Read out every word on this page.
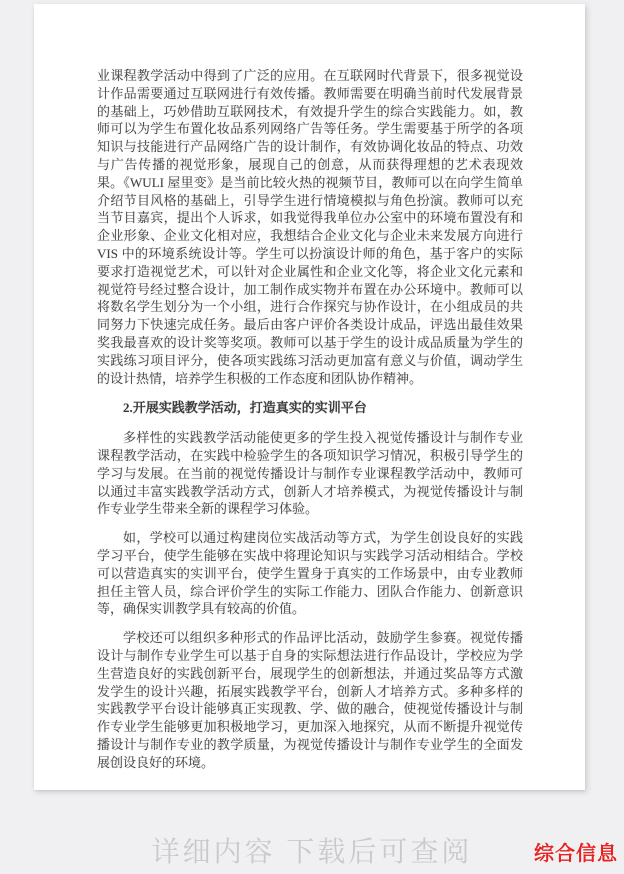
业课程教学活动中得到了广泛的应用。在互联网时代背景下，很多视觉设计作品需要通过互联网进行有效传播。教师需要在明确当前时代发展背景的基础上，巧妙借助互联网技术，有效提升学生的综合实践能力。如，教师可以为学生布置化妆品系列网络广告等任务。学生需要基于所学的各项知识与技能进行产品网络广告的设计制作，有效协调化妆品的特点、功效与广告传播的视觉形象，展现自己的创意，从而获得理想的艺术表现效果。《WULI 屋里变》是当前比较火热的视频节目，教师可以在向学生简单介绍节目风格的基础上，引导学生进行情境模拟与角色扮演。教师可以充当节目嘉宾，提出个人诉求，如我觉得我单位办公室中的环境布置没有和企业形象、企业文化相对应，我想结合企业文化与企业未来发展方向进行 VIS 中的环境系统设计等。学生可以扮演设计师的角色，基于客户的实际要求打造视觉艺术，可以针对企业属性和企业文化等，将企业文化元素和视觉符号经过整合设计，加工制作成实物并布置在办公环境中。教师可以将数名学生划分为一个小组，进行合作探究与协作设计，在小组成员的共同努力下快速完成任务。最后由客户评价各类设计成品，评选出最佳效果奖我最喜欢的设计奖等奖项。教师可以基于学生的设计成品质量为学生的实践练习项目评分，使各项实践练习活动更加富有意义与价值，调动学生的设计热情，培养学生积极的工作态度和团队协作精神。

2.开展实践教学活动，打造真实的实训平台

多样性的实践教学活动能使更多的学生投入视觉传播设计与制作专业课程教学活动，在实践中检验学生的各项知识学习情况，积极引导学生的学习与发展。在当前的视觉传播设计与制作专业课程教学活动中，教师可以通过丰富实践教学活动方式，创新人才培养模式，为视觉传播设计与制作专业学生带来全新的课程学习体验。

如，学校可以通过构建岗位实战活动等方式，为学生创设良好的实践学习平台，使学生能够在实战中将理论知识与实践学习活动相结合。学校可以营造真实的实训平台，使学生置身于真实的工作场景中，由专业教师担任主管人员，综合评价学生的实际工作能力、团队合作能力、创新意识等，确保实训教学具有较高的价值。

学校还可以组织多种形式的作品评比活动，鼓励学生参赛。视觉传播设计与制作专业学生可以基于自身的实际想法进行作品设计，学校应为学生营造良好的实践创新平台，展现学生的创新想法，并通过奖品等方式激发学生的设计兴趣，拓展实践教学平台，创新人才培养方式。多种多样的实践教学平台设计能够真正实现教、学、做的融合，使视觉传播设计与制作专业学生能够更加积极地学习，更加深入地探究，从而不断提升视觉传播设计与制作专业的教学质量，为视觉传播设计与制作专业学生的全面发展创设良好的环境。

详细内容 下载后可查阅	综合信息
